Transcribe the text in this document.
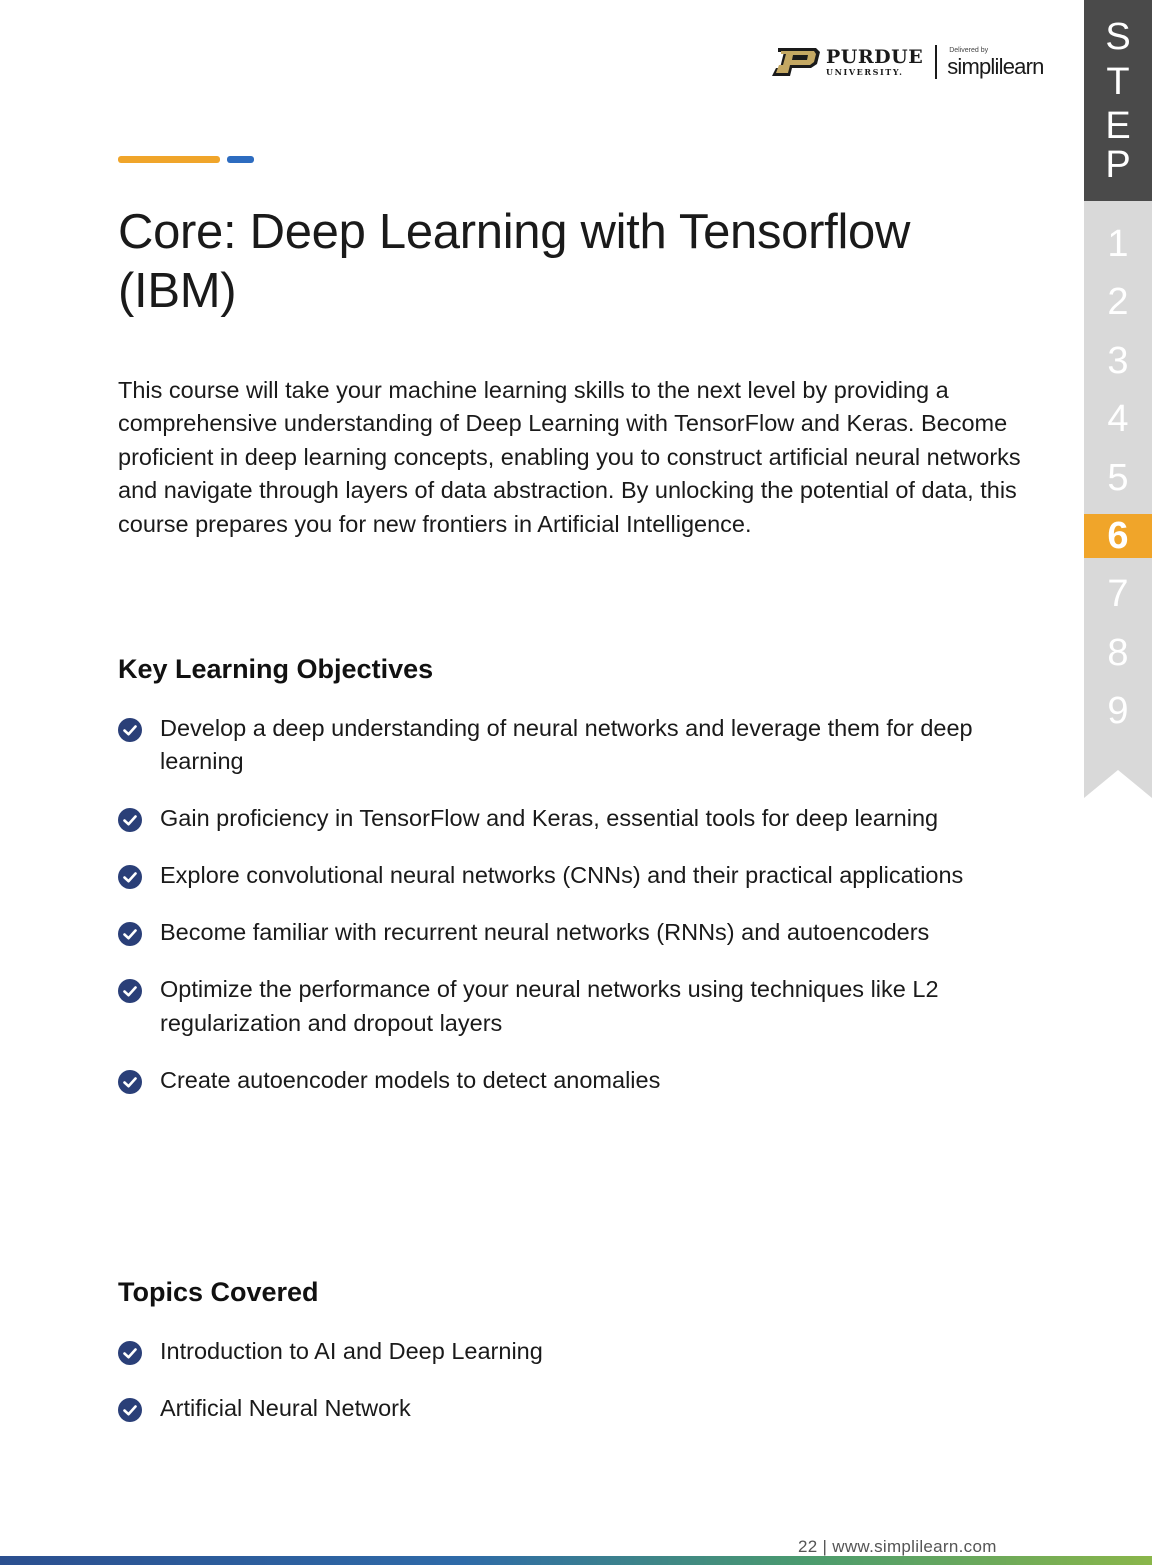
PURDUE
UNIVERSITY.
Delivered by
simplilearn
Core: Deep Learning with Tensorflow (IBM)

This course will take your machine learning skills to the next level by providing a comprehensive understanding of Deep Learning with TensorFlow and Keras. Become proficient in deep learning concepts, enabling you to construct artificial neural networks and navigate through layers of data abstraction. By unlocking the potential of data, this course prepares you for new frontiers in Artificial Intelligence.

Key Learning Objectives
Develop a deep understanding of neural networks and leverage them for deep learning
Gain proficiency in TensorFlow and Keras, essential tools for deep learning
Explore convolutional neural networks (CNNs) and their practical applications
Become familiar with recurrent neural networks (RNNs) and autoencoders
Optimize the performance of your neural networks using techniques like L2 regularization and dropout layers
Create autoencoder models to detect anomalies
Topics Covered
Introduction to AI and Deep Learning
Artificial Neural Network
S
T
E
P
1
2
3
4
5
6
7
8
9
22 | www.simplilearn.com
